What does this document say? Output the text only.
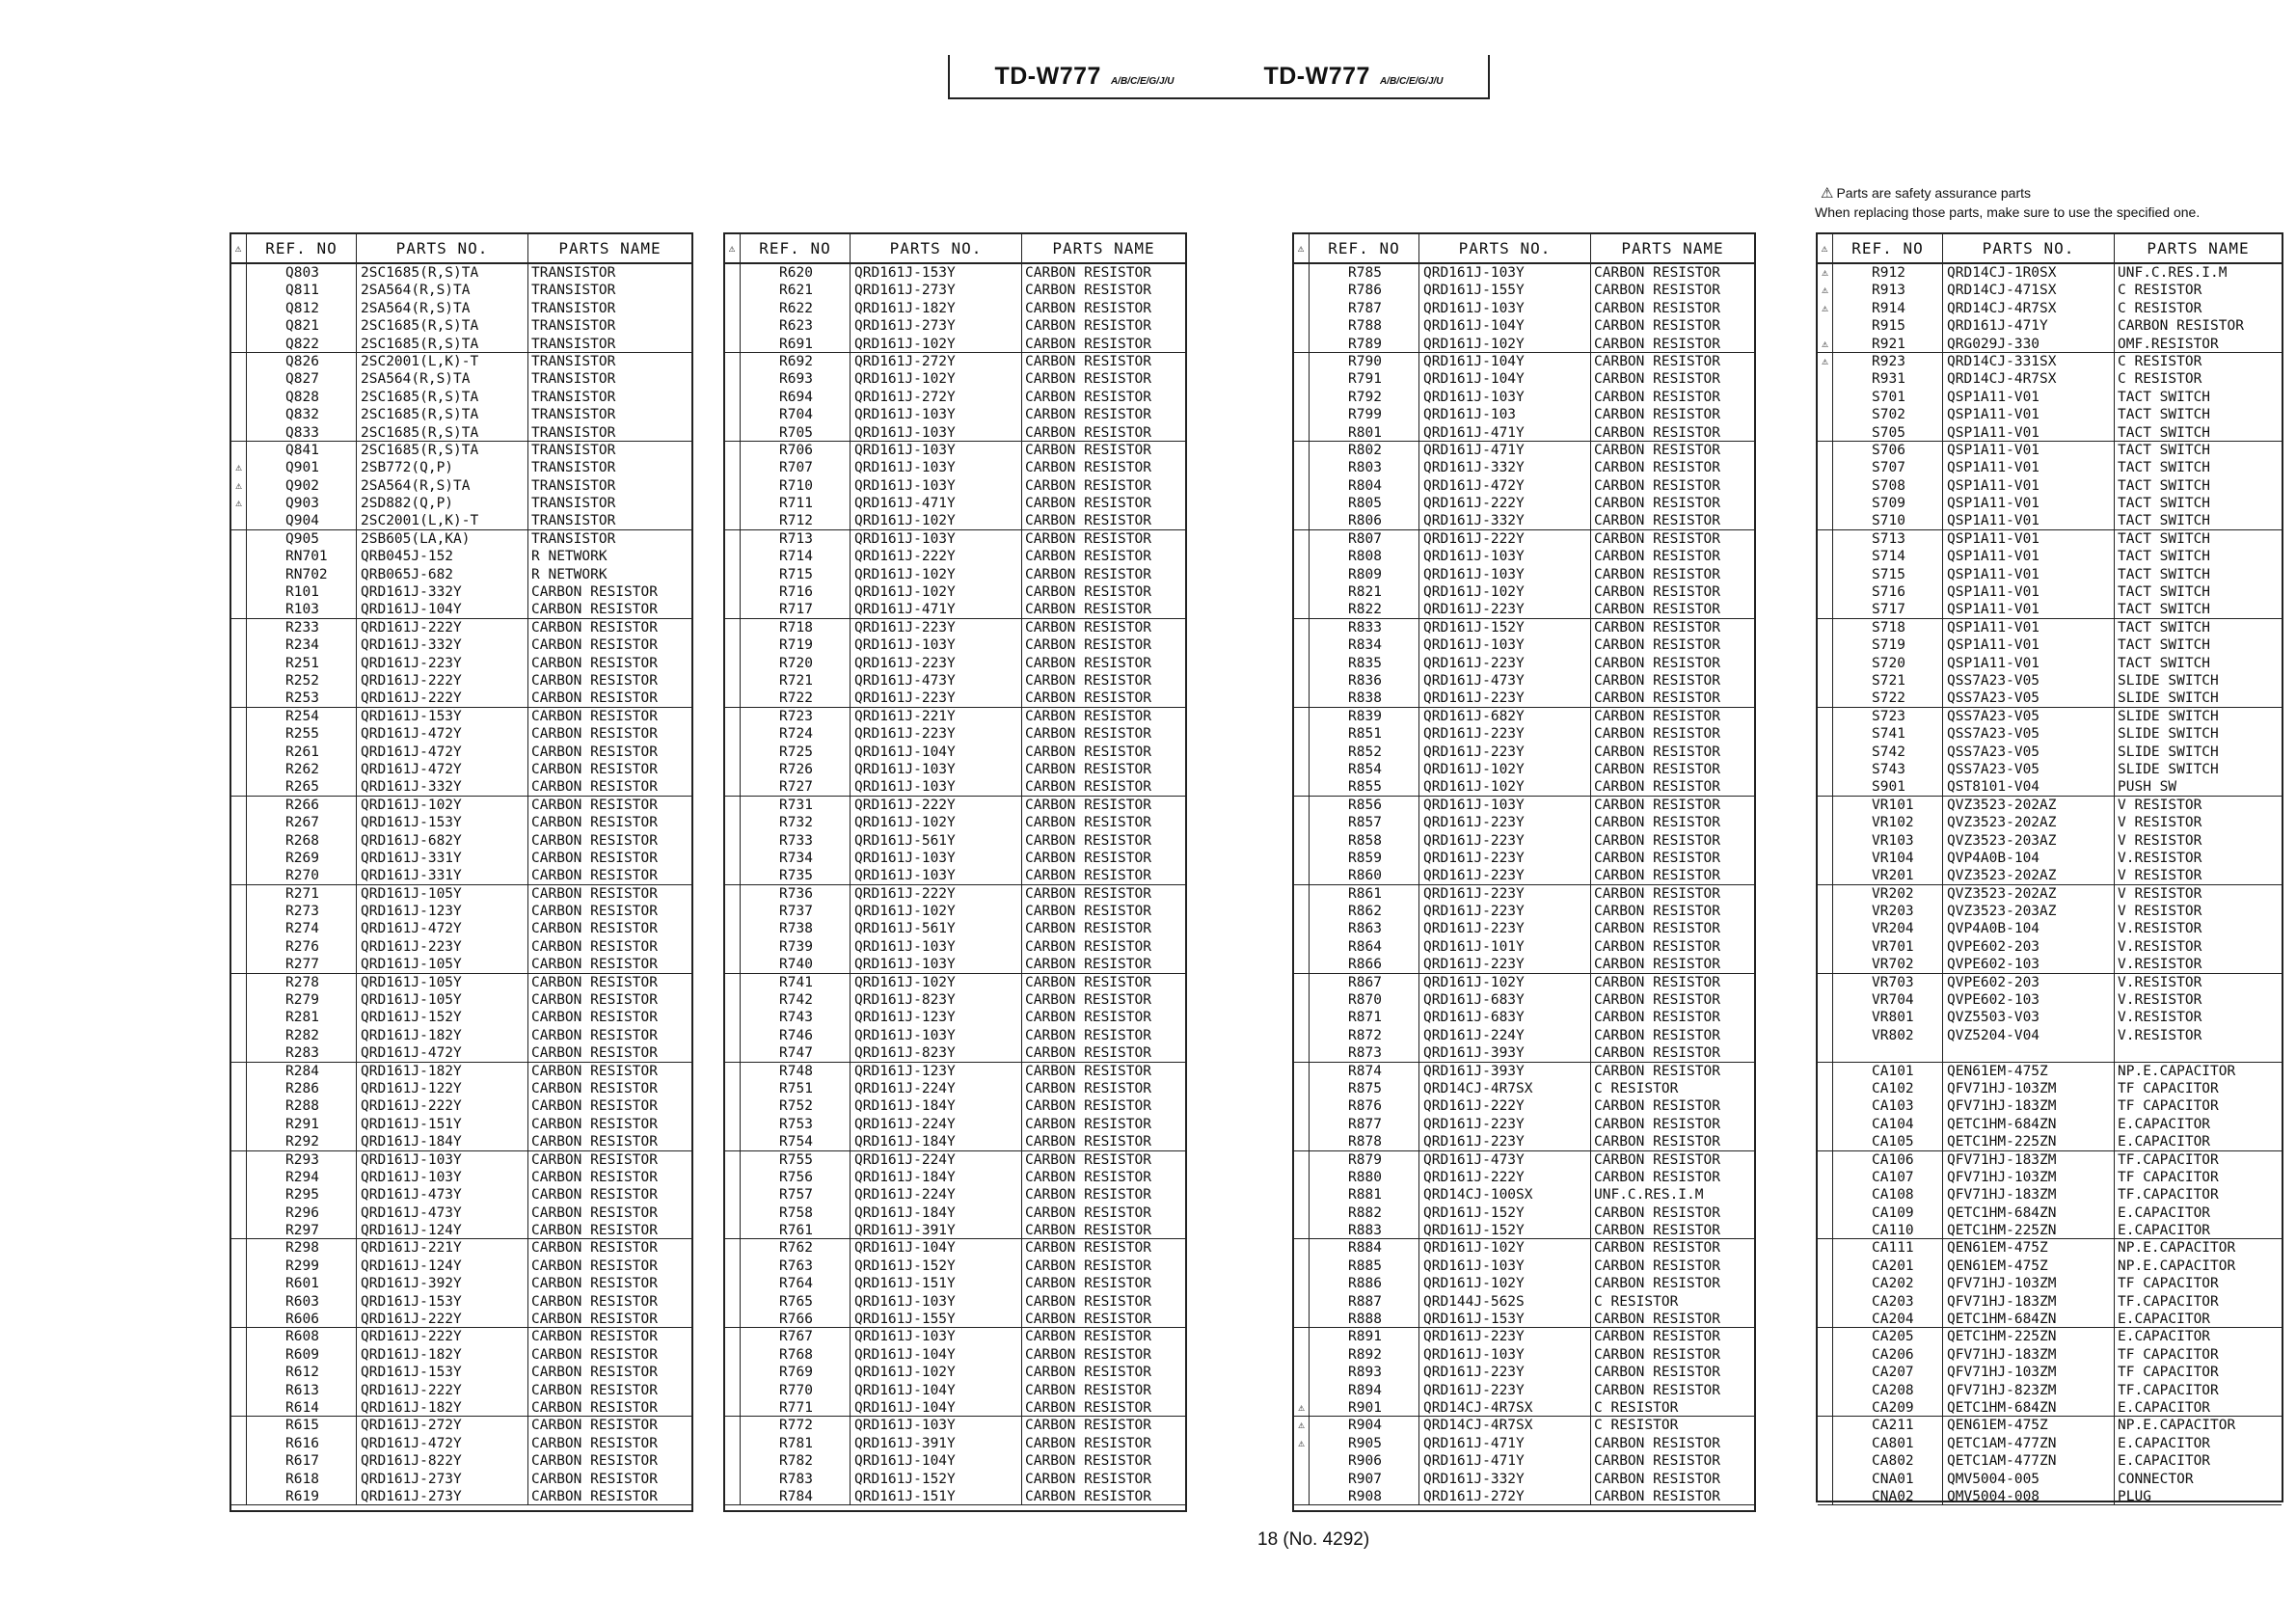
TD-W777 A/B/C/E/G/J/U	TD-W777 A/B/C/E/G/J/U
⚠ Parts are safety assurance parts
When replacing those parts, make sure to use the specified one.
⚠	REF. NO	PARTS NO.	PARTS NAME
Q803	2SC1685(R,S)TA	TRANSISTOR
Q811	2SA564(R,S)TA	TRANSISTOR
Q812	2SA564(R,S)TA	TRANSISTOR
Q821	2SC1685(R,S)TA	TRANSISTOR
Q822	2SC1685(R,S)TA	TRANSISTOR
Q826	2SC2001(L,K)-T	TRANSISTOR
Q827	2SA564(R,S)TA	TRANSISTOR
Q828	2SC1685(R,S)TA	TRANSISTOR
Q832	2SC1685(R,S)TA	TRANSISTOR
Q833	2SC1685(R,S)TA	TRANSISTOR
Q841	2SC1685(R,S)TA	TRANSISTOR
⚠	Q901	2SB772(Q,P)	TRANSISTOR
⚠	Q902	2SA564(R,S)TA	TRANSISTOR
⚠	Q903	2SD882(Q,P)	TRANSISTOR
Q904	2SC2001(L,K)-T	TRANSISTOR
Q905	2SB605(LA,KA)	TRANSISTOR
RN701	QRB045J-152	R NETWORK
RN702	QRB065J-682	R NETWORK
R101	QRD161J-332Y	CARBON RESISTOR
R103	QRD161J-104Y	CARBON RESISTOR
R233	QRD161J-222Y	CARBON RESISTOR
R234	QRD161J-332Y	CARBON RESISTOR
R251	QRD161J-223Y	CARBON RESISTOR
R252	QRD161J-222Y	CARBON RESISTOR
R253	QRD161J-222Y	CARBON RESISTOR
R254	QRD161J-153Y	CARBON RESISTOR
R255	QRD161J-472Y	CARBON RESISTOR
R261	QRD161J-472Y	CARBON RESISTOR
R262	QRD161J-472Y	CARBON RESISTOR
R265	QRD161J-332Y	CARBON RESISTOR
R266	QRD161J-102Y	CARBON RESISTOR
R267	QRD161J-153Y	CARBON RESISTOR
R268	QRD161J-682Y	CARBON RESISTOR
R269	QRD161J-331Y	CARBON RESISTOR
R270	QRD161J-331Y	CARBON RESISTOR
R271	QRD161J-105Y	CARBON RESISTOR
R273	QRD161J-123Y	CARBON RESISTOR
R274	QRD161J-472Y	CARBON RESISTOR
R276	QRD161J-223Y	CARBON RESISTOR
R277	QRD161J-105Y	CARBON RESISTOR
R278	QRD161J-105Y	CARBON RESISTOR
R279	QRD161J-105Y	CARBON RESISTOR
R281	QRD161J-152Y	CARBON RESISTOR
R282	QRD161J-182Y	CARBON RESISTOR
R283	QRD161J-472Y	CARBON RESISTOR
R284	QRD161J-182Y	CARBON RESISTOR
R286	QRD161J-122Y	CARBON RESISTOR
R288	QRD161J-222Y	CARBON RESISTOR
R291	QRD161J-151Y	CARBON RESISTOR
R292	QRD161J-184Y	CARBON RESISTOR
R293	QRD161J-103Y	CARBON RESISTOR
R294	QRD161J-103Y	CARBON RESISTOR
R295	QRD161J-473Y	CARBON RESISTOR
R296	QRD161J-473Y	CARBON RESISTOR
R297	QRD161J-124Y	CARBON RESISTOR
R298	QRD161J-221Y	CARBON RESISTOR
R299	QRD161J-124Y	CARBON RESISTOR
R601	QRD161J-392Y	CARBON RESISTOR
R603	QRD161J-153Y	CARBON RESISTOR
R606	QRD161J-222Y	CARBON RESISTOR
R608	QRD161J-222Y	CARBON RESISTOR
R609	QRD161J-182Y	CARBON RESISTOR
R612	QRD161J-153Y	CARBON RESISTOR
R613	QRD161J-222Y	CARBON RESISTOR
R614	QRD161J-182Y	CARBON RESISTOR
R615	QRD161J-272Y	CARBON RESISTOR
R616	QRD161J-472Y	CARBON RESISTOR
R617	QRD161J-822Y	CARBON RESISTOR
R618	QRD161J-273Y	CARBON RESISTOR
R619	QRD161J-273Y	CARBON RESISTOR
⚠	REF. NO	PARTS NO.	PARTS NAME
R620	QRD161J-153Y	CARBON RESISTOR
R621	QRD161J-273Y	CARBON RESISTOR
R622	QRD161J-182Y	CARBON RESISTOR
R623	QRD161J-273Y	CARBON RESISTOR
R691	QRD161J-102Y	CARBON RESISTOR
R692	QRD161J-272Y	CARBON RESISTOR
R693	QRD161J-102Y	CARBON RESISTOR
R694	QRD161J-272Y	CARBON RESISTOR
R704	QRD161J-103Y	CARBON RESISTOR
R705	QRD161J-103Y	CARBON RESISTOR
R706	QRD161J-103Y	CARBON RESISTOR
R707	QRD161J-103Y	CARBON RESISTOR
R710	QRD161J-103Y	CARBON RESISTOR
R711	QRD161J-471Y	CARBON RESISTOR
R712	QRD161J-102Y	CARBON RESISTOR
R713	QRD161J-103Y	CARBON RESISTOR
R714	QRD161J-222Y	CARBON RESISTOR
R715	QRD161J-102Y	CARBON RESISTOR
R716	QRD161J-102Y	CARBON RESISTOR
R717	QRD161J-471Y	CARBON RESISTOR
R718	QRD161J-223Y	CARBON RESISTOR
R719	QRD161J-103Y	CARBON RESISTOR
R720	QRD161J-223Y	CARBON RESISTOR
R721	QRD161J-473Y	CARBON RESISTOR
R722	QRD161J-223Y	CARBON RESISTOR
R723	QRD161J-221Y	CARBON RESISTOR
R724	QRD161J-223Y	CARBON RESISTOR
R725	QRD161J-104Y	CARBON RESISTOR
R726	QRD161J-103Y	CARBON RESISTOR
R727	QRD161J-103Y	CARBON RESISTOR
R731	QRD161J-222Y	CARBON RESISTOR
R732	QRD161J-102Y	CARBON RESISTOR
R733	QRD161J-561Y	CARBON RESISTOR
R734	QRD161J-103Y	CARBON RESISTOR
R735	QRD161J-103Y	CARBON RESISTOR
R736	QRD161J-222Y	CARBON RESISTOR
R737	QRD161J-102Y	CARBON RESISTOR
R738	QRD161J-561Y	CARBON RESISTOR
R739	QRD161J-103Y	CARBON RESISTOR
R740	QRD161J-103Y	CARBON RESISTOR
R741	QRD161J-102Y	CARBON RESISTOR
R742	QRD161J-823Y	CARBON RESISTOR
R743	QRD161J-123Y	CARBON RESISTOR
R746	QRD161J-103Y	CARBON RESISTOR
R747	QRD161J-823Y	CARBON RESISTOR
R748	QRD161J-123Y	CARBON RESISTOR
R751	QRD161J-224Y	CARBON RESISTOR
R752	QRD161J-184Y	CARBON RESISTOR
R753	QRD161J-224Y	CARBON RESISTOR
R754	QRD161J-184Y	CARBON RESISTOR
R755	QRD161J-224Y	CARBON RESISTOR
R756	QRD161J-184Y	CARBON RESISTOR
R757	QRD161J-224Y	CARBON RESISTOR
R758	QRD161J-184Y	CARBON RESISTOR
R761	QRD161J-391Y	CARBON RESISTOR
R762	QRD161J-104Y	CARBON RESISTOR
R763	QRD161J-152Y	CARBON RESISTOR
R764	QRD161J-151Y	CARBON RESISTOR
R765	QRD161J-103Y	CARBON RESISTOR
R766	QRD161J-155Y	CARBON RESISTOR
R767	QRD161J-103Y	CARBON RESISTOR
R768	QRD161J-104Y	CARBON RESISTOR
R769	QRD161J-102Y	CARBON RESISTOR
R770	QRD161J-104Y	CARBON RESISTOR
R771	QRD161J-104Y	CARBON RESISTOR
R772	QRD161J-103Y	CARBON RESISTOR
R781	QRD161J-391Y	CARBON RESISTOR
R782	QRD161J-104Y	CARBON RESISTOR
R783	QRD161J-152Y	CARBON RESISTOR
R784	QRD161J-151Y	CARBON RESISTOR
⚠	REF. NO	PARTS NO.	PARTS NAME
R785	QRD161J-103Y	CARBON RESISTOR
R786	QRD161J-155Y	CARBON RESISTOR
R787	QRD161J-103Y	CARBON RESISTOR
R788	QRD161J-104Y	CARBON RESISTOR
R789	QRD161J-102Y	CARBON RESISTOR
R790	QRD161J-104Y	CARBON RESISTOR
R791	QRD161J-104Y	CARBON RESISTOR
R792	QRD161J-103Y	CARBON RESISTOR
R799	QRD161J-103	CARBON RESISTOR
R801	QRD161J-471Y	CARBON RESISTOR
R802	QRD161J-471Y	CARBON RESISTOR
R803	QRD161J-332Y	CARBON RESISTOR
R804	QRD161J-472Y	CARBON RESISTOR
R805	QRD161J-222Y	CARBON RESISTOR
R806	QRD161J-332Y	CARBON RESISTOR
R807	QRD161J-222Y	CARBON RESISTOR
R808	QRD161J-103Y	CARBON RESISTOR
R809	QRD161J-103Y	CARBON RESISTOR
R821	QRD161J-102Y	CARBON RESISTOR
R822	QRD161J-223Y	CARBON RESISTOR
R833	QRD161J-152Y	CARBON RESISTOR
R834	QRD161J-103Y	CARBON RESISTOR
R835	QRD161J-223Y	CARBON RESISTOR
R836	QRD161J-473Y	CARBON RESISTOR
R838	QRD161J-223Y	CARBON RESISTOR
R839	QRD161J-682Y	CARBON RESISTOR
R851	QRD161J-223Y	CARBON RESISTOR
R852	QRD161J-223Y	CARBON RESISTOR
R854	QRD161J-102Y	CARBON RESISTOR
R855	QRD161J-102Y	CARBON RESISTOR
R856	QRD161J-103Y	CARBON RESISTOR
R857	QRD161J-223Y	CARBON RESISTOR
R858	QRD161J-223Y	CARBON RESISTOR
R859	QRD161J-223Y	CARBON RESISTOR
R860	QRD161J-223Y	CARBON RESISTOR
R861	QRD161J-223Y	CARBON RESISTOR
R862	QRD161J-223Y	CARBON RESISTOR
R863	QRD161J-223Y	CARBON RESISTOR
R864	QRD161J-101Y	CARBON RESISTOR
R866	QRD161J-223Y	CARBON RESISTOR
R867	QRD161J-102Y	CARBON RESISTOR
R870	QRD161J-683Y	CARBON RESISTOR
R871	QRD161J-683Y	CARBON RESISTOR
R872	QRD161J-224Y	CARBON RESISTOR
R873	QRD161J-393Y	CARBON RESISTOR
R874	QRD161J-393Y	CARBON RESISTOR
R875	QRD14CJ-4R7SX	C RESISTOR
R876	QRD161J-222Y	CARBON RESISTOR
R877	QRD161J-223Y	CARBON RESISTOR
R878	QRD161J-223Y	CARBON RESISTOR
R879	QRD161J-473Y	CARBON RESISTOR
R880	QRD161J-222Y	CARBON RESISTOR
R881	QRD14CJ-100SX	UNF.C.RES.I.M
R882	QRD161J-152Y	CARBON RESISTOR
R883	QRD161J-152Y	CARBON RESISTOR
R884	QRD161J-102Y	CARBON RESISTOR
R885	QRD161J-103Y	CARBON RESISTOR
R886	QRD161J-102Y	CARBON RESISTOR
R887	QRD144J-562S	C RESISTOR
R888	QRD161J-153Y	CARBON RESISTOR
R891	QRD161J-223Y	CARBON RESISTOR
R892	QRD161J-103Y	CARBON RESISTOR
R893	QRD161J-223Y	CARBON RESISTOR
R894	QRD161J-223Y	CARBON RESISTOR
⚠	R901	QRD14CJ-4R7SX	C RESISTOR
⚠	R904	QRD14CJ-4R7SX	C RESISTOR
⚠	R905	QRD161J-471Y	CARBON RESISTOR
R906	QRD161J-471Y	CARBON RESISTOR
R907	QRD161J-332Y	CARBON RESISTOR
R908	QRD161J-272Y	CARBON RESISTOR
⚠	REF. NO	PARTS NO.	PARTS NAME
⚠	R912	QRD14CJ-1R0SX	UNF.C.RES.I.M
⚠	R913	QRD14CJ-471SX	C RESISTOR
⚠	R914	QRD14CJ-4R7SX	C RESISTOR
R915	QRD161J-471Y	CARBON RESISTOR
⚠	R921	QRG029J-330	OMF.RESISTOR
⚠	R923	QRD14CJ-331SX	C RESISTOR
R931	QRD14CJ-4R7SX	C RESISTOR
S701	QSP1A11-V01	TACT SWITCH
S702	QSP1A11-V01	TACT SWITCH
S705	QSP1A11-V01	TACT SWITCH
S706	QSP1A11-V01	TACT SWITCH
S707	QSP1A11-V01	TACT SWITCH
S708	QSP1A11-V01	TACT SWITCH
S709	QSP1A11-V01	TACT SWITCH
S710	QSP1A11-V01	TACT SWITCH
S713	QSP1A11-V01	TACT SWITCH
S714	QSP1A11-V01	TACT SWITCH
S715	QSP1A11-V01	TACT SWITCH
S716	QSP1A11-V01	TACT SWITCH
S717	QSP1A11-V01	TACT SWITCH
S718	QSP1A11-V01	TACT SWITCH
S719	QSP1A11-V01	TACT SWITCH
S720	QSP1A11-V01	TACT SWITCH
S721	QSS7A23-V05	SLIDE SWITCH
S722	QSS7A23-V05	SLIDE SWITCH
S723	QSS7A23-V05	SLIDE SWITCH
S741	QSS7A23-V05	SLIDE SWITCH
S742	QSS7A23-V05	SLIDE SWITCH
S743	QSS7A23-V05	SLIDE SWITCH
S901	QST8101-V04	PUSH SW
VR101	QVZ3523-202AZ	V RESISTOR
VR102	QVZ3523-202AZ	V RESISTOR
VR103	QVZ3523-203AZ	V RESISTOR
VR104	QVP4A0B-104	V.RESISTOR
VR201	QVZ3523-202AZ	V RESISTOR
VR202	QVZ3523-202AZ	V RESISTOR
VR203	QVZ3523-203AZ	V RESISTOR
VR204	QVP4A0B-104	V.RESISTOR
VR701	QVPE602-203	V.RESISTOR
VR702	QVPE602-103	V.RESISTOR
VR703	QVPE602-203	V.RESISTOR
VR704	QVPE602-103	V.RESISTOR
VR801	QVZ5503-V03	V.RESISTOR
VR802	QVZ5204-V04	V.RESISTOR
CA101	QEN61EM-475Z	NP.E.CAPACITOR
CA102	QFV71HJ-103ZM	TF CAPACITOR
CA103	QFV71HJ-183ZM	TF CAPACITOR
CA104	QETC1HM-684ZN	E.CAPACITOR
CA105	QETC1HM-225ZN	E.CAPACITOR
CA106	QFV71HJ-183ZM	TF.CAPACITOR
CA107	QFV71HJ-103ZM	TF CAPACITOR
CA108	QFV71HJ-183ZM	TF.CAPACITOR
CA109	QETC1HM-684ZN	E.CAPACITOR
CA110	QETC1HM-225ZN	E.CAPACITOR
CA111	QEN61EM-475Z	NP.E.CAPACITOR
CA201	QEN61EM-475Z	NP.E.CAPACITOR
CA202	QFV71HJ-103ZM	TF CAPACITOR
CA203	QFV71HJ-183ZM	TF.CAPACITOR
CA204	QETC1HM-684ZN	E.CAPACITOR
CA205	QETC1HM-225ZN	E.CAPACITOR
CA206	QFV71HJ-183ZM	TF CAPACITOR
CA207	QFV71HJ-103ZM	TF CAPACITOR
CA208	QFV71HJ-823ZM	TF.CAPACITOR
CA209	QETC1HM-684ZN	E.CAPACITOR
CA211	QEN61EM-475Z	NP.E.CAPACITOR
CA801	QETC1AM-477ZN	E.CAPACITOR
CA802	QETC1AM-477ZN	E.CAPACITOR
CNA01	QMV5004-005	CONNECTOR
CNA02	QMV5004-008	PLUG
18 (No. 4292)
